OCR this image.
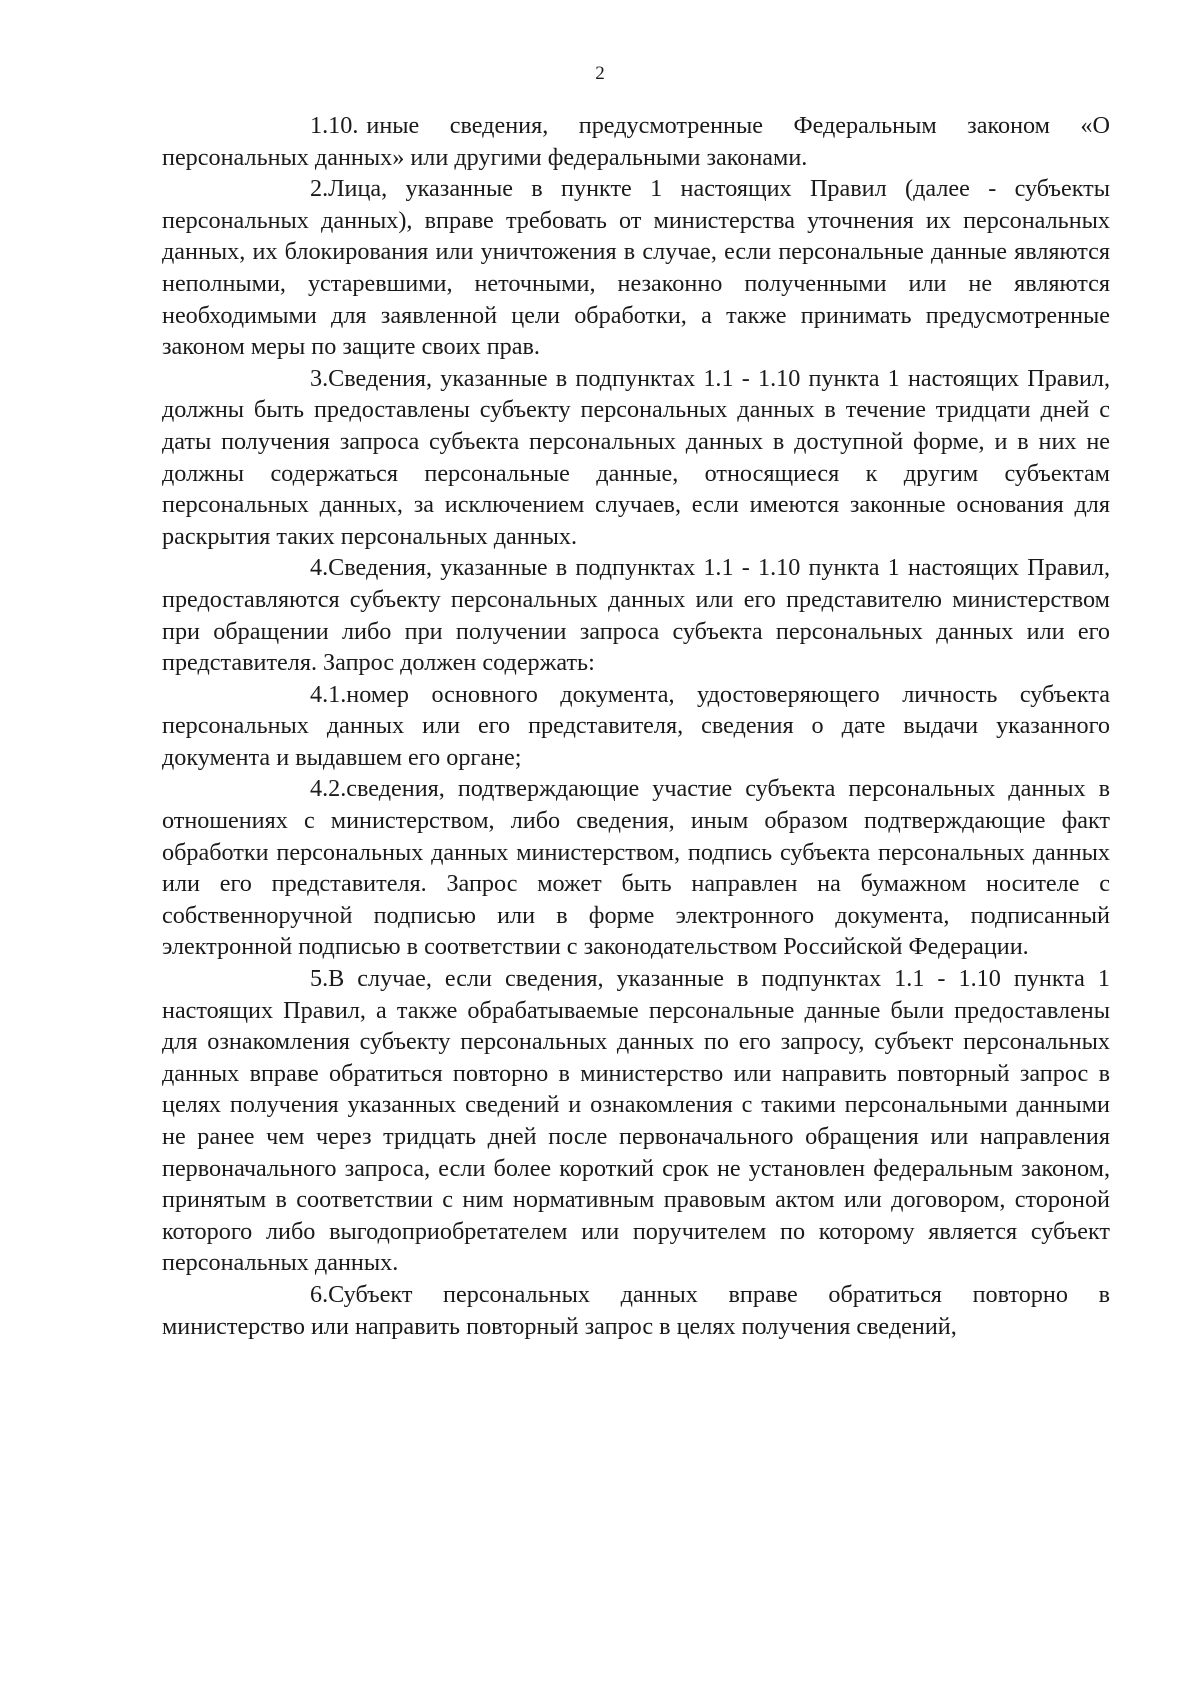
2

1.10. иные сведения, предусмотренные Федеральным законом «О персональных данных» или другими федеральными законами.

2.Лица, указанные в пункте 1 настоящих Правил (далее - субъекты персональных данных), вправе требовать от министерства уточнения их персональных данных, их блокирования или уничтожения в случае, если персональные данные являются неполными, устаревшими, неточными, незаконно полученными или не являются необходимыми для заявленной цели обработки, а также принимать предусмотренные законом меры по защите своих прав.

3.Сведения, указанные в подпунктах 1.1 - 1.10 пункта 1 настоящих Правил, должны быть предоставлены субъекту персональных данных в течение тридцати дней с даты получения запроса субъекта персональных данных в доступной форме, и в них не должны содержаться персональные данные, относящиеся к другим субъектам персональных данных, за исключением случаев, если имеются законные основания для раскрытия таких персональных данных.

4.Сведения, указанные в подпунктах 1.1 - 1.10 пункта 1 настоящих Правил, предоставляются субъекту персональных данных или его представителю министерством при обращении либо при получении запроса субъекта персональных данных или его представителя. Запрос должен содержать:

4.1.номер основного документа, удостоверяющего личность субъекта персональных данных или его представителя, сведения о дате выдачи указанного документа и выдавшем его органе;

4.2.сведения, подтверждающие участие субъекта персональных данных в отношениях с министерством, либо сведения, иным образом подтверждающие факт обработки персональных данных министерством, подпись субъекта персональных данных или его представителя. Запрос может быть направлен на бумажном носителе с собственноручной подписью или в форме электронного документа, подписанный электронной подписью в соответствии с законодательством Российской Федерации.

5.В случае, если сведения, указанные в подпунктах 1.1 - 1.10 пункта 1 настоящих Правил, а также обрабатываемые персональные данные были предоставлены для ознакомления субъекту персональных данных по его запросу, субъект персональных данных вправе обратиться повторно в министерство или направить повторный запрос в целях получения указанных сведений и ознакомления с такими персональными данными не ранее чем через тридцать дней после первоначального обращения или направления первоначального запроса, если более короткий срок не установлен федеральным законом, принятым в соответствии с ним нормативным правовым актом или договором, стороной которого либо выгодоприобретателем или поручителем по которому является субъект персональных данных.

6.Субъект персональных данных вправе обратиться повторно в министерство или направить повторный запрос в целях получения сведений,
